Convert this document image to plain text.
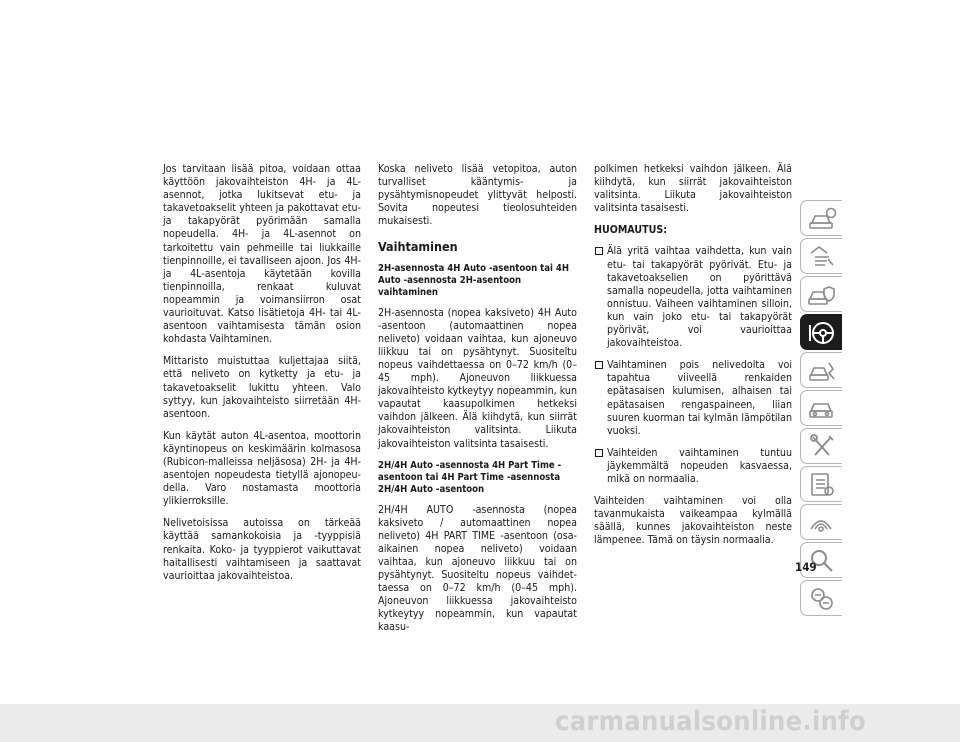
Jos tarvitaan lisää pitoa, voidaan ottaa käyttöön jakovaihteiston 4H- ja 4L-asennot, jotka lukitsevat etu- ja takavetoakselit yhteen ja pakottavat etu- ja takapyörät pyörimään samalla nopeudella. 4H- ja 4L-asennot on tarkoitettu vain pehmeille tai liukkaille tienpinnoille, ei tavalliseen ajoon. Jos 4H- ja 4L-asentoja käytetään kovilla tienpinnoilla, renkaat kuluvat nopeammin ja voimansiirron osat vaurioituvat. Katso lisätietoja 4H- tai 4L-asentoon vaihtamisesta tämän osion kohdasta Vaihtaminen.

Mittaristo muistuttaa kuljettajaa siitä, että neliveto on kytketty ja etu- ja takavetoakselit lukittu yhteen. Valo syttyy, kun jakovaihteisto siirretään 4H-asentoon.

Kun käytät auton 4L-asentoa, moottorin käyntinopeus on keskimäärin kolmasosa (Rubicon-malleissa neljäsosa) 2H- ja 4H-asentojen nopeudesta tietyllä ajonopeudella. Varo nostamasta moottoria ylikierroksille.

Nelivetoisissa autoissa on tärkeää käyttää samankokoisia ja -tyyppisiä renkaita. Koko- ja tyyppierot vaikuttavat haitallisesti vaihtamiseen ja saattavat vaurioittaa jakovaihteistoa.

Koska neliveto lisää vetopitoa, auton turvalliset kääntymis- ja pysähtymisnopeudet ylittyvät helposti. Sovita nopeutesi tieolosuhteiden mukaisesti.

Vaihtaminen
2H-asennosta 4H Auto -asentoon tai 4H Auto -asennosta 2H-asentoon vaihtaminen

2H-asennosta (nopea kaksiveto) 4H Auto -asentoon (automaattinen nopea neliveto) voidaan vaihtaa, kun ajoneuvo liikkuu tai on pysähtynyt. Suositeltu nopeus vaihdettaessa on 0–72 km/h (0–45 mph). Ajoneuvon liikkuessa jakovaihteisto kytkeytyy nopeammin, kun vapautat kaasupolkimen hetkeksi vaihdon jälkeen. Älä kiihdytä, kun siirrät jakovaihteiston valitsinta. Liikuta jakovaihteiston valitsinta tasaisesti.

2H/4H Auto -asennosta 4H Part Time -asentoon tai 4H Part Time -asennosta 2H/4H Auto -asentoon

2H/4H AUTO -asennosta (nopea kaksiveto / automaattinen nopea neliveto) 4H PART TIME -asentoon (osa-aikainen nopea neliveto) voidaan vaihtaa, kun ajoneuvo liikkuu tai on pysähtynyt. Suositeltu nopeus vaihdettaessa on 0–72 km/h (0–45 mph). Ajoneuvon liikkuessa jakovaihteisto kytkeytyy nopeammin, kun vapautat kaasu-

polkimen hetkeksi vaihdon jälkeen. Älä kiihdytä, kun siirrät jakovaihteiston valitsinta. Liikuta jakovaihteiston valitsinta tasaisesti.

HUOMAUTUS:
Älä yritä vaihtaa vaihdetta, kun vain etu- tai takapyörät pyörivät. Etu- ja takavetoakselien on pyörittävä samalla nopeudella, jotta vaihtaminen onnistuu. Vaiheen vaihtaminen silloin, kun vain joko etu- tai takapyörät pyörivät, voi vaurioittaa jakovaihteistoa.
Vaihtaminen pois nelivedolta voi tapahtua viiveellä renkaiden epätasaisen kulumisen, alhaisen tai epätasaisen rengaspaineen, liian suuren kuorman tai kylmän lämpötilan vuoksi.
Vaihteiden vaihtaminen tuntuu jäykemmältä nopeuden kasvaessa, mikä on normaalia.

Vaihteiden vaihtaminen voi olla tavanmukaista vaikeampaa kylmällä säällä, kunnes jakovaihteiston neste lämpenee. Tämä on täysin normaalia.

149
carmanualsonline.info
